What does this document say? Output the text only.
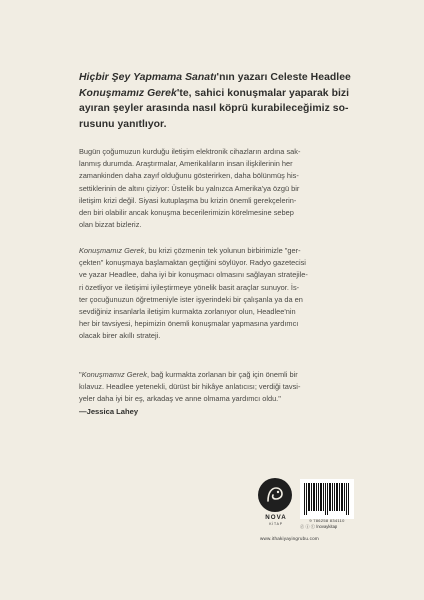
Hiçbir Şey Yapmama Sanatı'nın yazarı Celeste Headlee

Konuşmamız Gerek'te, sahici konuşmalar yaparak bizi

ayıran şeyler arasında nasıl köprü kurabileceğimiz so-

rusunu yanıtlıyor.

Bugün çoğumuzun kurduğu iletişim elektronik cihazların ardına sak-

lanmış durumda. Araştırmalar, Amerikalıların insan ilişkilerinin her

zamankinden daha zayıf olduğunu gösterirken, daha bölünmüş his-

settiklerinin de altını çiziyor: Üstelik bu yalnızca Amerika'ya özgü bir

iletişim krizi değil. Siyasi kutuplaşma bu krizin önemli gerekçelerin-

den biri olabilir ancak konuşma becerilerimizin körelmesine sebep

olan bizzat bizleriz.

Konuşmamız Gerek, bu krizi çözmenin tek yolunun birbirimizle "ger-

çekten" konuşmaya başlamaktan geçtiğini söylüyor. Radyo gazetecisi

ve yazar Headlee, daha iyi bir konuşmacı olmasını sağlayan stratejile-

ri özetliyor ve iletişimi iyileştirmeye yönelik basit araçlar sunuyor. İs-

ter çocuğunuzun öğretmeniyle ister işyerindeki bir çalışanla ya da en

sevdiğiniz insanlarla iletişim kurmakta zorlanıyor olun, Headlee'nin

her bir tavsiyesi, hepimizin önemli konuşmalar yapmasına yardımcı

olacak birer akıllı strateji.

"Konuşmamız Gerek, bağ kurmakta zorlanan bir çağ için önemli bir

kılavuz. Headlee yetenekli, dürüst bir hikâye anlatıcısı; verdiği tavsi-

yeler daha iyi bir eş, arkadaş ve anne olmama yardımcı oldu."

—Jessica Lahey

NOVA
KİTAP
9 786258 834110
ⓕ ⓘ ⓣ /novaykitap
www.ithakiyayingrubu.com
